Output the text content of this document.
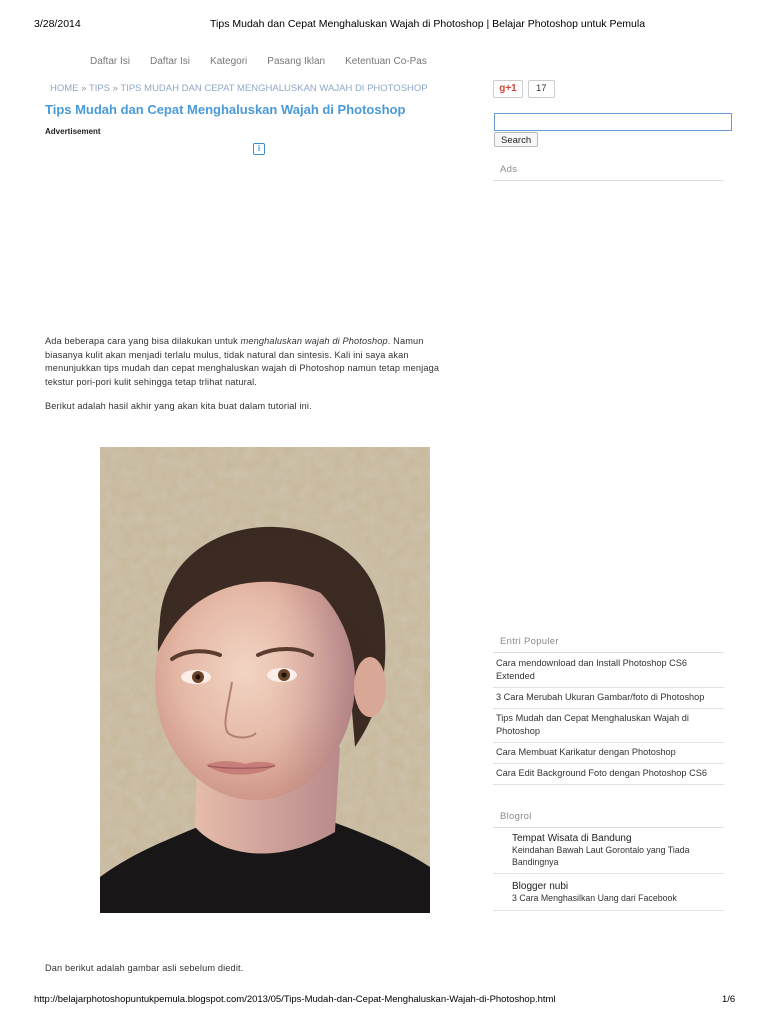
3/28/2014	Tips Mudah dan Cepat Menghaluskan Wajah di Photoshop | Belajar Photoshop untuk Pemula
Daftar Isi Daftar Isi Kategori Pasang Iklan Ketentuan Co-Pas
HOME » TIPS » TIPS MUDAH DAN CEPAT MENGHALUSKAN WAJAH DI PHOTOSHOP
Tips Mudah dan Cepat Menghaluskan Wajah di Photoshop
Advertisement
i

Ada beberapa cara yang bisa dilakukan untuk menghaluskan wajah di Photoshop. Namun biasanya kulit akan menjadi terlalu mulus, tidak natural dan sintesis. Kali ini saya akan menunjukkan tips mudah dan cepat menghaluskan wajah di Photoshop namun tetap menjaga tekstur pori-pori kulit sehingga tetap trlihat natural.

Berikut adalah hasil akhir yang akan kita buat dalam tutorial ini.

Dan berikut adalah gambar asli sebelum diedit.

g+1	17
Search
Ads
Entri Populer
Cara mendownload dan Install Photoshop CS6 Extended
3 Cara Merubah Ukuran Gambar/foto di Photoshop
Tips Mudah dan Cepat Menghaluskan Wajah di Photoshop
Cara Membuat Karikatur dengan Photoshop
Cara Edit Background Foto dengan Photoshop CS6
Blogrol
Tempat Wisata di Bandung
Keindahan Bawah Laut Gorontalo yang Tiada Bandingnya
Blogger nubi
3 Cara Menghasilkan Uang dari Facebook
http://belajarphotoshopuntukpemula.blogspot.com/2013/05/Tips-Mudah-dan-Cepat-Menghaluskan-Wajah-di-Photoshop.html	1/6
